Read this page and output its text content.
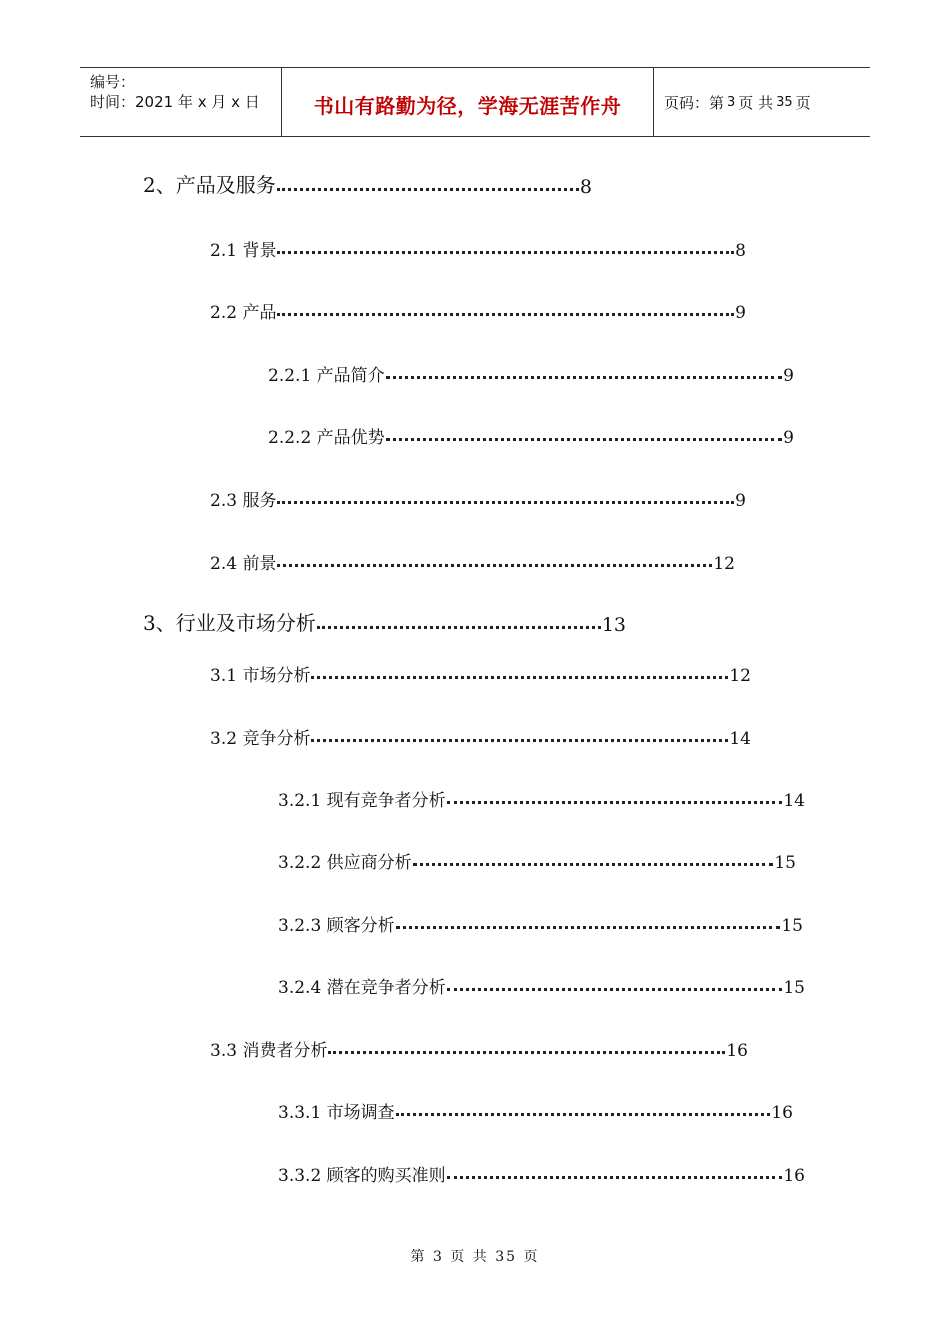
编号：
时间：2021 年 x 月 x 日	书山有路勤为径，学海无涯苦作舟	页码：第 3 页 共 35 页
2、产品及服务	8
2.1 背景	8
2.2 产品	9
2.2.1 产品简介	9
2.2.2 产品优势	9
2.3 服务	9
2.4 前景	12
3、行业及市场分析	13
3.1 市场分析	12
3.2 竞争分析	14
3.2.1 现有竞争者分析	14
3.2.2 供应商分析	15
3.2.3 顾客分析	15
3.2.4 潜在竞争者分析	15
3.3 消费者分析	16
3.3.1 市场调查	16
3.3.2 顾客的购买准则	16
第 3 页 共 35 页
